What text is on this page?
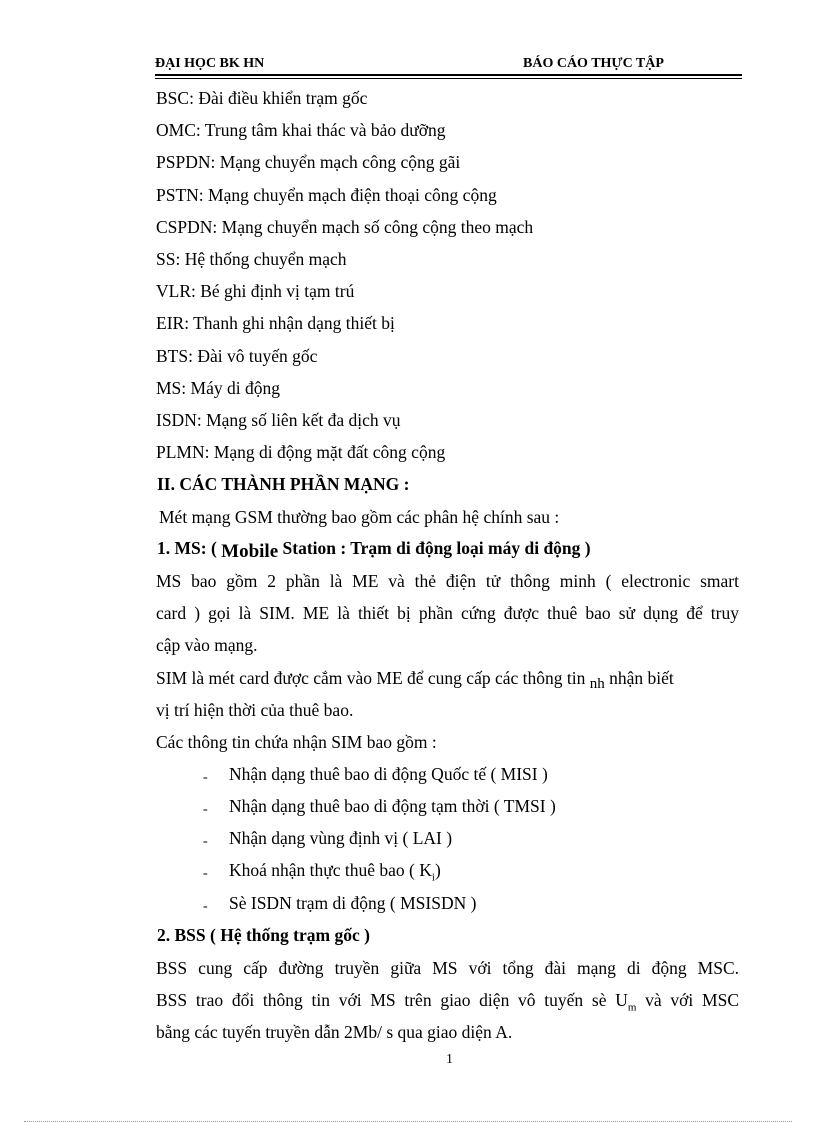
ĐẠI HỌC BK HN	BÁO CÁO THỰC TẬP
BSC: Đài điều khiển trạm gốc
OMC: Trung tâm khai thác và bảo dưỡng
PSPDN: Mạng chuyển mạch công cộng gãi
PSTN: Mạng chuyển mạch điện thoại công cộng
CSPDN: Mạng chuyển mạch số công cộng theo mạch
SS: Hệ thống chuyển mạch
VLR: Bé ghi định vị tạm trú
EIR: Thanh ghi nhận dạng thiết bị
BTS: Đài vô tuyến gốc
MS: Máy di động
ISDN: Mạng số liên kết đa dịch vụ
PLMN: Mạng di động mặt đất công cộng
II. CÁC THÀNH PHẦN MẠNG :
Mét mạng GSM thường bao gồm các phân hệ chính sau :
1. MS: ( Mobile Station : Trạm di động loại máy di động )
MS bao gồm 2 phần là ME và thẻ điện tử thông minh ( electronic smart
card ) gọi là SIM. ME là thiết bị phần cứng được thuê bao sử dụng để truy
cập vào mạng.
SIM là mét card được cắm vào ME để cung cấp các thông tin nh nhận biết
vị trí hiện thời của thuê bao.
Các thông tin chứa nhận SIM bao gồm :
- Nhận dạng thuê bao di động Quốc tế ( MISI )
- Nhận dạng thuê bao di động tạm thời ( TMSI )
- Nhận dạng vùng định vị ( LAI )
- Khoá nhận thực thuê bao ( $K_i$)
- Sè ISDN trạm di động ( MSISDN )
2. BSS ( Hệ thống trạm gốc )
BSS cung cấp đường truyền giữa MS với tổng đài mạng di động MSC.
BSS trao đổi thông tin với MS trên giao diện vô tuyến sè $U_m$ và với MSC
bằng các tuyến truyền dẫn 2Mb/ s qua giao diện A.
1
